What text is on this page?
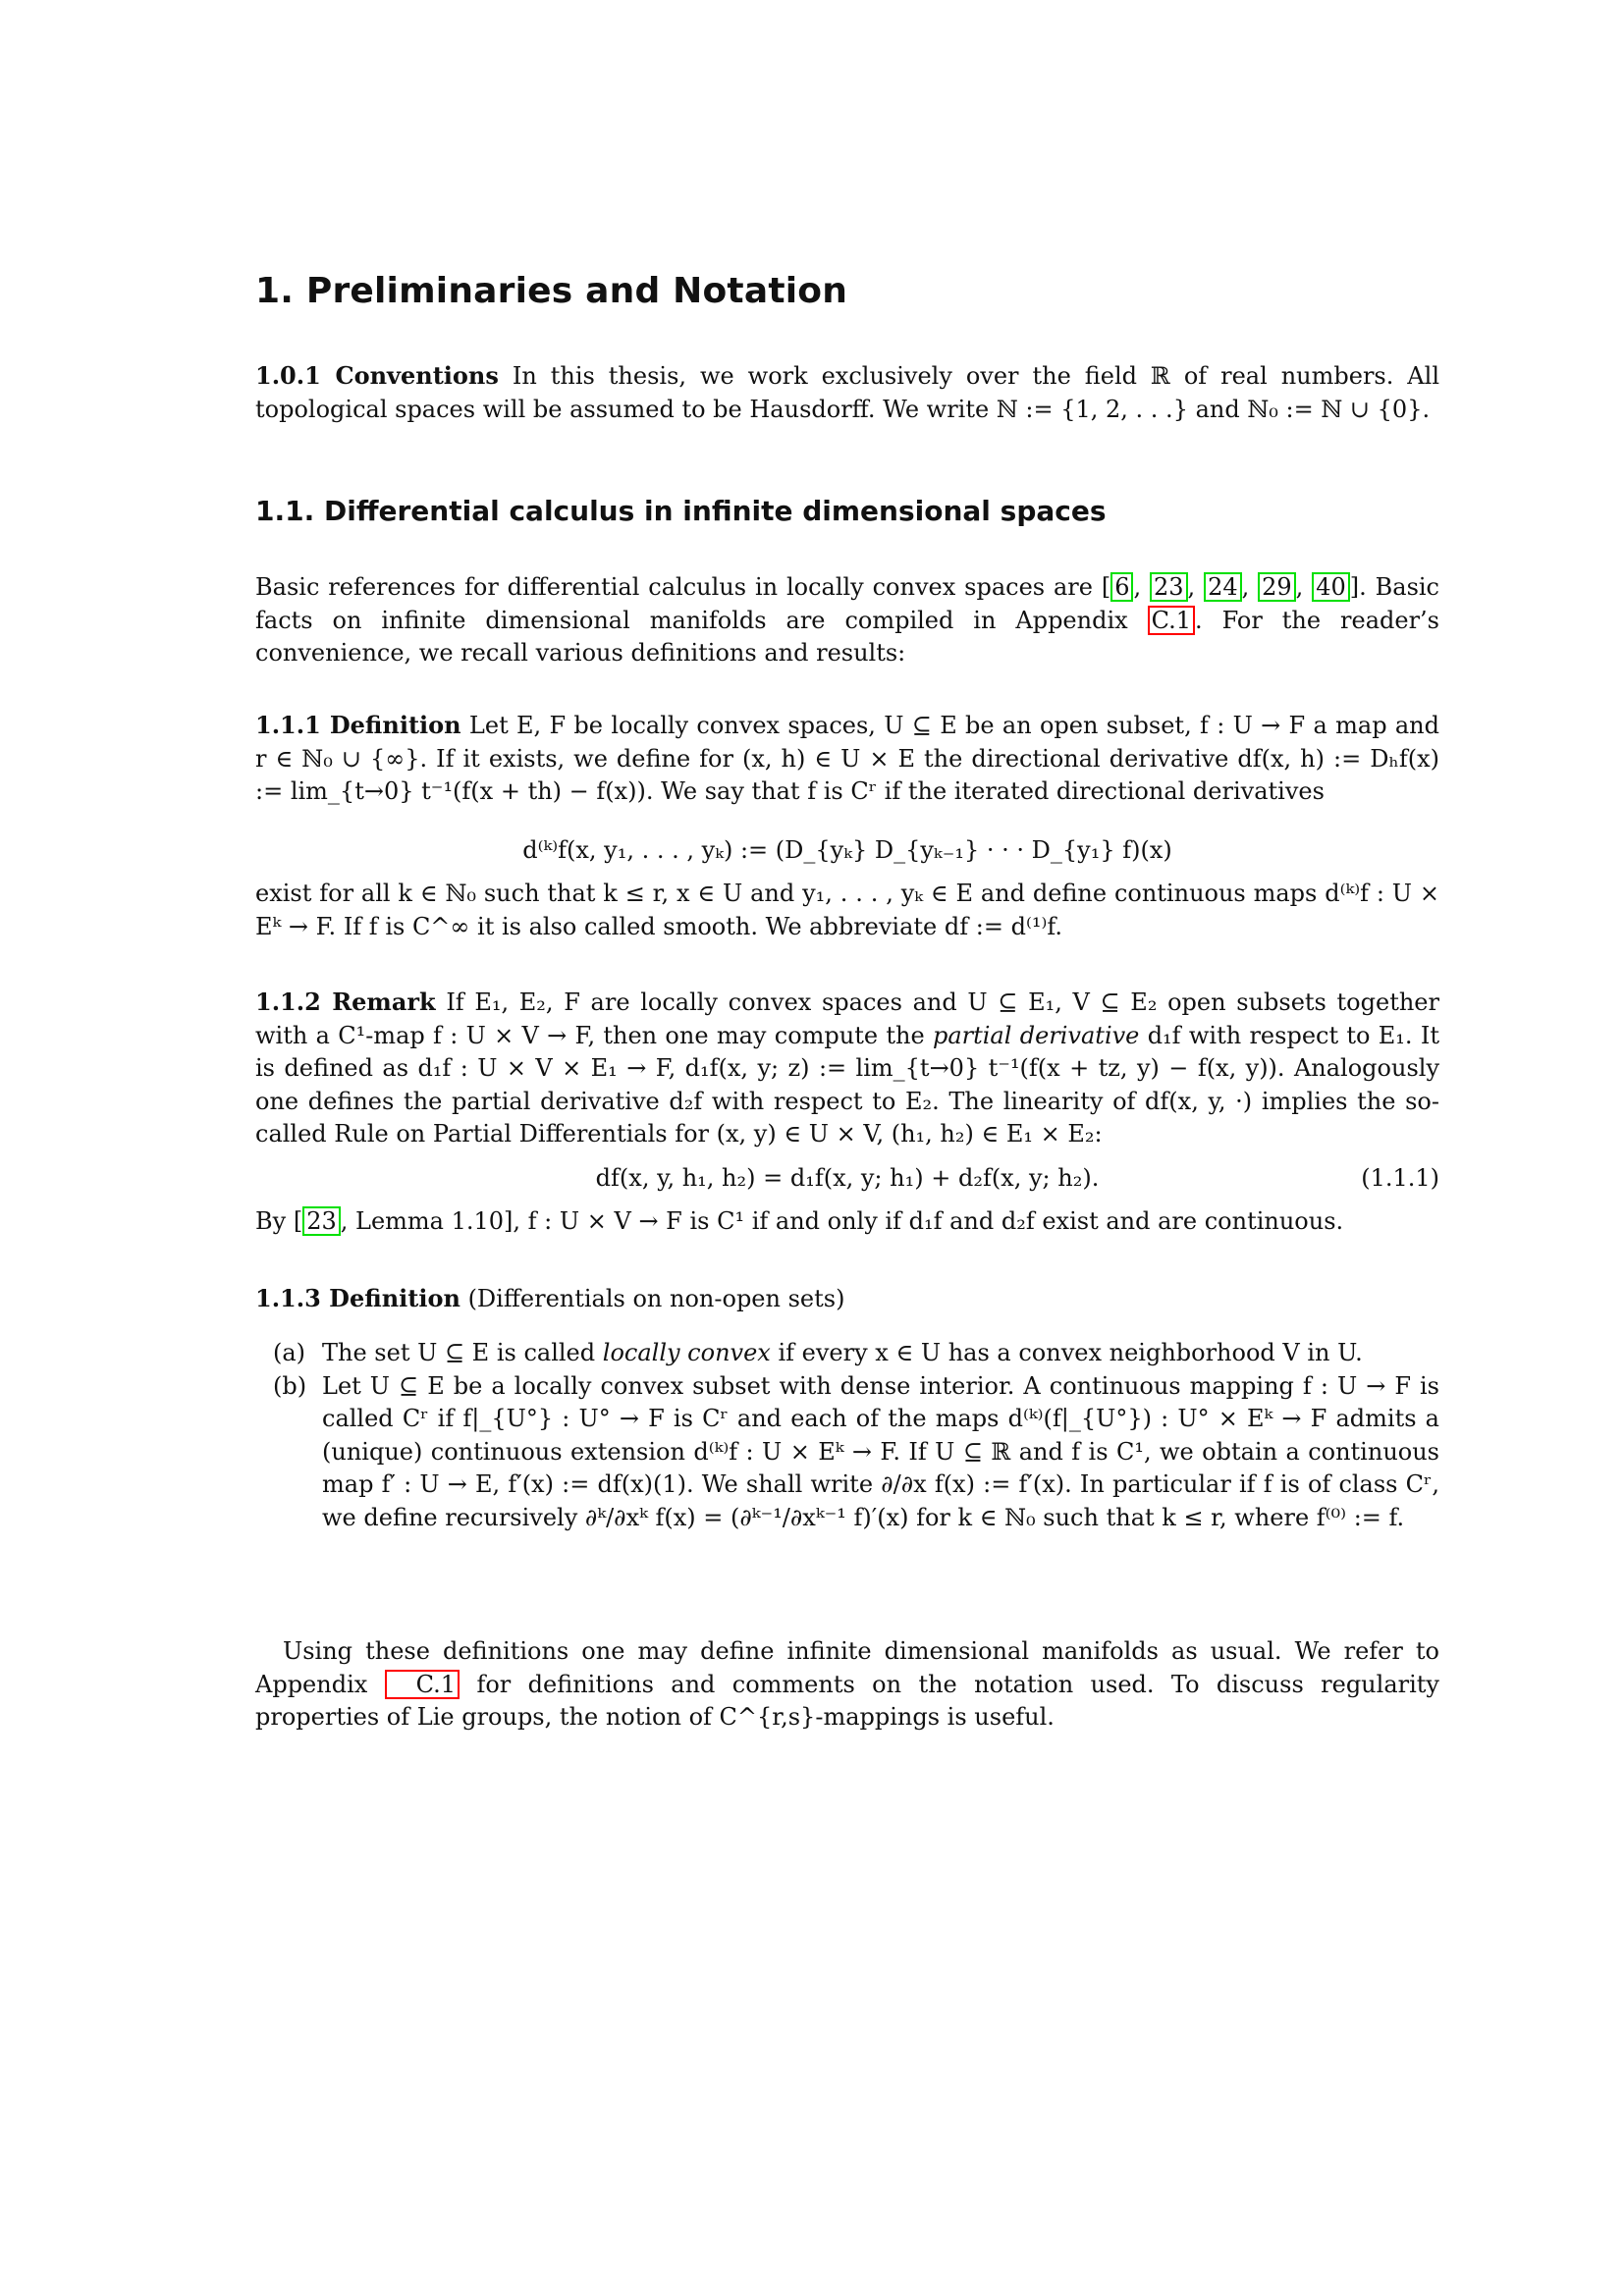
1. Preliminaries and Notation

1.0.1 Conventions In this thesis, we work exclusively over the field ℝ of real numbers. All topological spaces will be assumed to be Hausdorff. We write ℕ := {1, 2, . . .} and ℕ₀ := ℕ ∪ {0}.

1.1. Differential calculus in infinite dimensional spaces

Basic references for differential calculus in locally convex spaces are [ 6 , 23 , 24 , 29 , 40 ]. Basic facts on infinite dimensional manifolds are compiled in Appendix C.1 . For the reader’s convenience, we recall various definitions and results:

1.1.1 Definition Let E, F be locally convex spaces, U ⊆ E be an open subset, f : U → F a map and r ∈ ℕ₀ ∪ {∞}. If it exists, we define for (x, h) ∈ U × E the directional derivative df(x, h) := Dₕf(x) := lim_{t→0} t⁻¹(f(x + th) − f(x)). We say that f is Cʳ if the iterated directional derivatives

d⁽ᵏ⁾f(x, y₁, . . . , yₖ) := (D_{yₖ} D_{yₖ₋₁} · · · D_{y₁} f)(x)

exist for all k ∈ ℕ₀ such that k ≤ r, x ∈ U and y₁, . . . , yₖ ∈ E and define continuous maps d⁽ᵏ⁾f : U × Eᵏ → F. If f is C^∞ it is also called smooth. We abbreviate df := d⁽¹⁾f.

1.1.2 Remark If E₁, E₂, F are locally convex spaces and U ⊆ E₁, V ⊆ E₂ open subsets together with a C¹-map f : U × V → F, then one may compute the partial derivative d₁f with respect to E₁. It is defined as d₁f : U × V × E₁ → F, d₁f(x, y; z) := lim_{t→0} t⁻¹(f(x + tz, y) − f(x, y)). Analogously one defines the partial derivative d₂f with respect to E₂. The linearity of df(x, y, ·) implies the so-called Rule on Partial Differentials for (x, y) ∈ U × V, (h₁, h₂) ∈ E₁ × E₂:

df(x, y, h₁, h₂) = d₁f(x, y; h₁) + d₂f(x, y; h₂).	(1.1.1)

By [ 23 , Lemma 1.10], f : U × V → F is C¹ if and only if d₁f and d₂f exist and are continuous.

1.1.3 Definition (Differentials on non-open sets)

(a) The set U ⊆ E is called locally convex if every x ∈ U has a convex neighborhood V in U.
(b) Let U ⊆ E be a locally convex subset with dense interior. A continuous mapping f : U → F is called Cʳ if f|_{U°} : U° → F is Cʳ and each of the maps d⁽ᵏ⁾(f|_{U°}) : U° × Eᵏ → F admits a (unique) continuous extension d⁽ᵏ⁾f : U × Eᵏ → F. If U ⊆ ℝ and f is C¹, we obtain a continuous map f′ : U → E, f′(x) := df(x)(1). We shall write ∂/∂x f(x) := f′(x). In particular if f is of class Cʳ, we define recursively ∂ᵏ/∂xᵏ f(x) = (∂ᵏ⁻¹/∂xᵏ⁻¹ f)′(x) for k ∈ ℕ₀ such that k ≤ r, where f⁽⁰⁾ := f.

Using these definitions one may define infinite dimensional manifolds as usual. We refer to Appendix C.1 for definitions and comments on the notation used. To discuss regularity properties of Lie groups, the notion of C^{r,s}-mappings is useful.
